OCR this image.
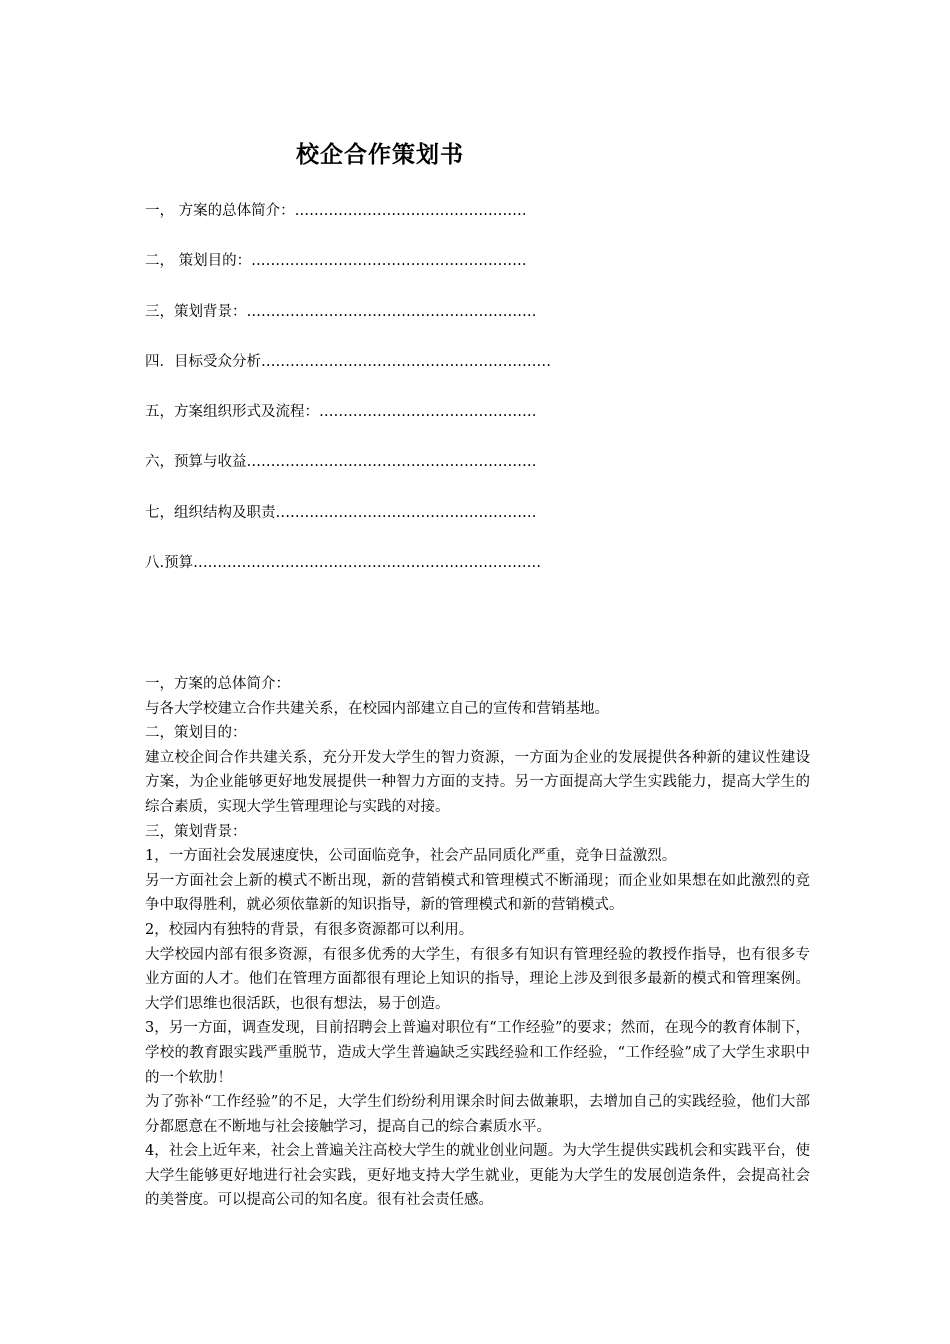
校企合作策划书
一， 方案的总体简介：…………………………………………
二， 策划目的：…………………………………………………
三，策划背景：……………………………………………………
四．目标受众分析……………………………………………………
五，方案组织形式及流程：………………………………………
六，预算与收益……………………………………………………
七，组织结构及职责………………………………………………
八.预算………………………………………………………………

一，方案的总体简介：

与各大学校建立合作共建关系，在校园内部建立自己的宣传和营销基地。

二，策划目的：

建立校企间合作共建关系，充分开发大学生的智力资源，一方面为企业的发展提供各种新的建议性建设方案，为企业能够更好地发展提供一种智力方面的支持。另一方面提高大学生实践能力，提高大学生的综合素质，实现大学生管理理论与实践的对接。

三，策划背景：

1，一方面社会发展速度快，公司面临竞争，社会产品同质化严重，竞争日益激烈。

另一方面社会上新的模式不断出现，新的营销模式和管理模式不断涌现；而企业如果想在如此激烈的竞争中取得胜利，就必须依靠新的知识指导，新的管理模式和新的营销模式。

2，校园内有独特的背景，有很多资源都可以利用。

大学校园内部有很多资源，有很多优秀的大学生，有很多有知识有管理经验的教授作指导，也有很多专业方面的人才。他们在管理方面都很有理论上知识的指导，理论上涉及到很多最新的模式和管理案例。大学们思维也很活跃，也很有想法，易于创造。

3，另一方面，调查发现，目前招聘会上普遍对职位有“工作经验”的要求；然而，在现今的教育体制下，学校的教育跟实践严重脱节，造成大学生普遍缺乏实践经验和工作经验，“工作经验”成了大学生求职中的一个软肋！

为了弥补“工作经验”的不足，大学生们纷纷利用课余时间去做兼职，去增加自己的实践经验，他们大部分都愿意在不断地与社会接触学习，提高自己的综合素质水平。

4，社会上近年来，社会上普遍关注高校大学生的就业创业问题。为大学生提供实践机会和实践平台，使大学生能够更好地进行社会实践，更好地支持大学生就业，更能为大学生的发展创造条件，会提高社会的美誉度。可以提高公司的知名度。很有社会责任感。
